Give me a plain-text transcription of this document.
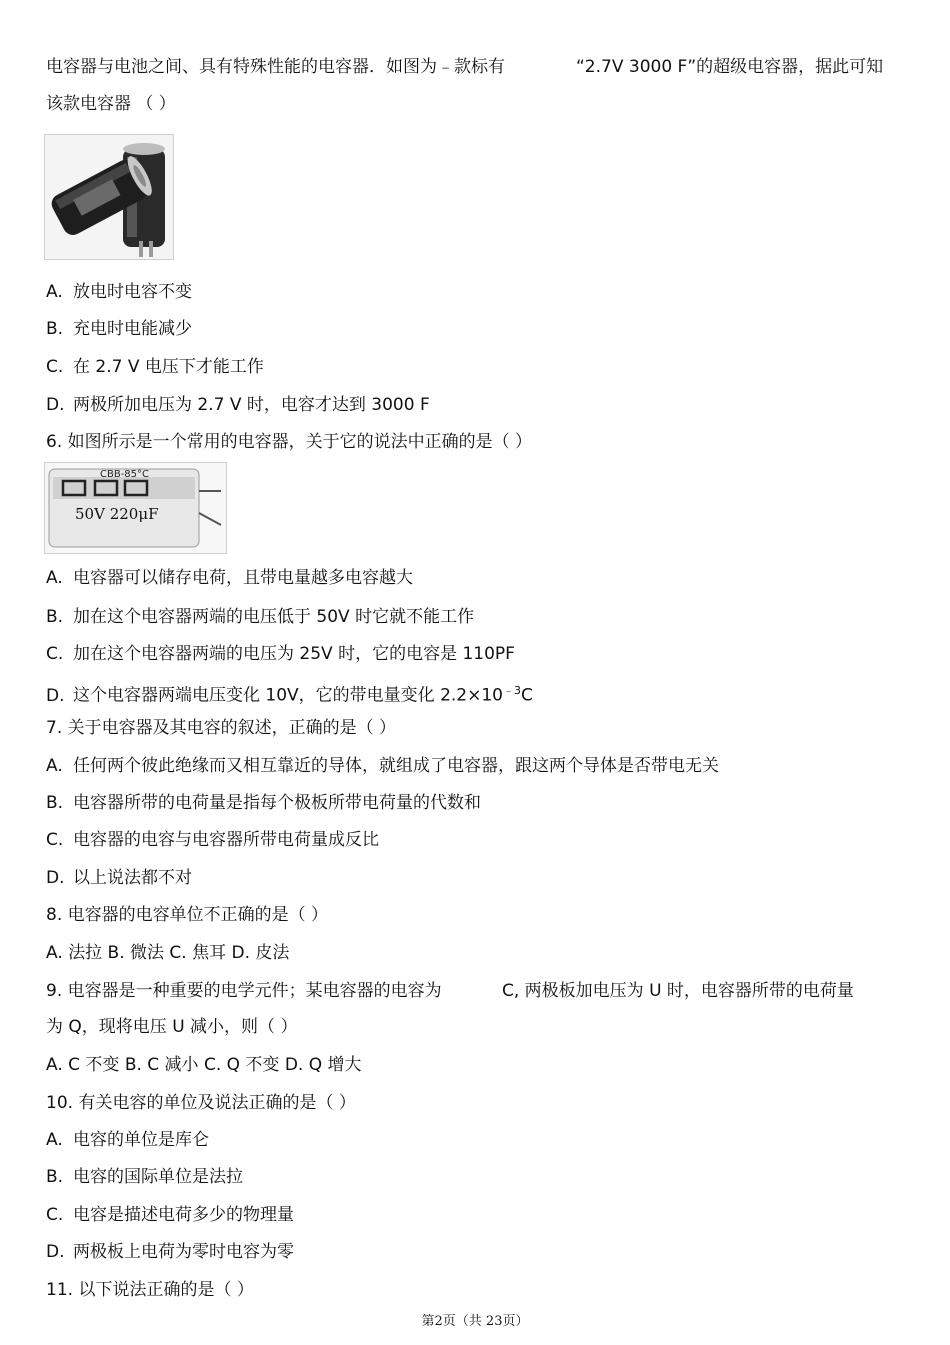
电容器与电池之间、具有特殊性能的电容器．如图为﹣款标有	“2.7V 3000 F”的超级电容器，据此可知
该款电容器 （ ）
A. 放电时电容不变
B. 充电时电能减少
C. 在 2.7 V 电压下才能工作
D. 两极所加电压为 2.7 V 时，电容才达到 3000 F
6. 如图所示是一个常用的电容器，关于它的说法中正确的是（ ）
CBB-85°C
50V 220μF
A. 电容器可以储存电荷，且带电量越多电容越大
B. 加在这个电容器两端的电压低于 50V 时它就不能工作
C. 加在这个电容器两端的电压为 25V 时，它的电容是 110PF
D. 这个电容器两端电压变化 10V，它的带电量变化 $2.2\times 10^{﹣3}C$
7. 关于电容器及其电容的叙述，正确的是（ ）
A. 任何两个彼此绝缘而又相互靠近的导体，就组成了电容器，跟这两个导体是否带电无关
B. 电容器所带的电荷量是指每个极板所带电荷量的代数和
C. 电容器的电容与电容器所带电荷量成反比
D. 以上说法都不对
8. 电容器的电容单位不正确的是（ ）
A. 法拉 B. 微法 C. 焦耳 D. 皮法
9. 电容器是一种重要的电学元件；某电容器的电容为	C, 两极板加电压为 U 时，电容器所带的电荷量
为 Q，现将电压 U 减小，则（ ）
A. C 不变 B. C 减小 C. Q 不变 D. Q 增大
10. 有关电容的单位及说法正确的是（ ）
A. 电容的单位是库仑
B. 电容的国际单位是法拉
C. 电容是描述电荷多少的物理量
D. 两极板上电荷为零时电容为零
11. 以下说法正确的是（ ）
第2页（共 23页）
